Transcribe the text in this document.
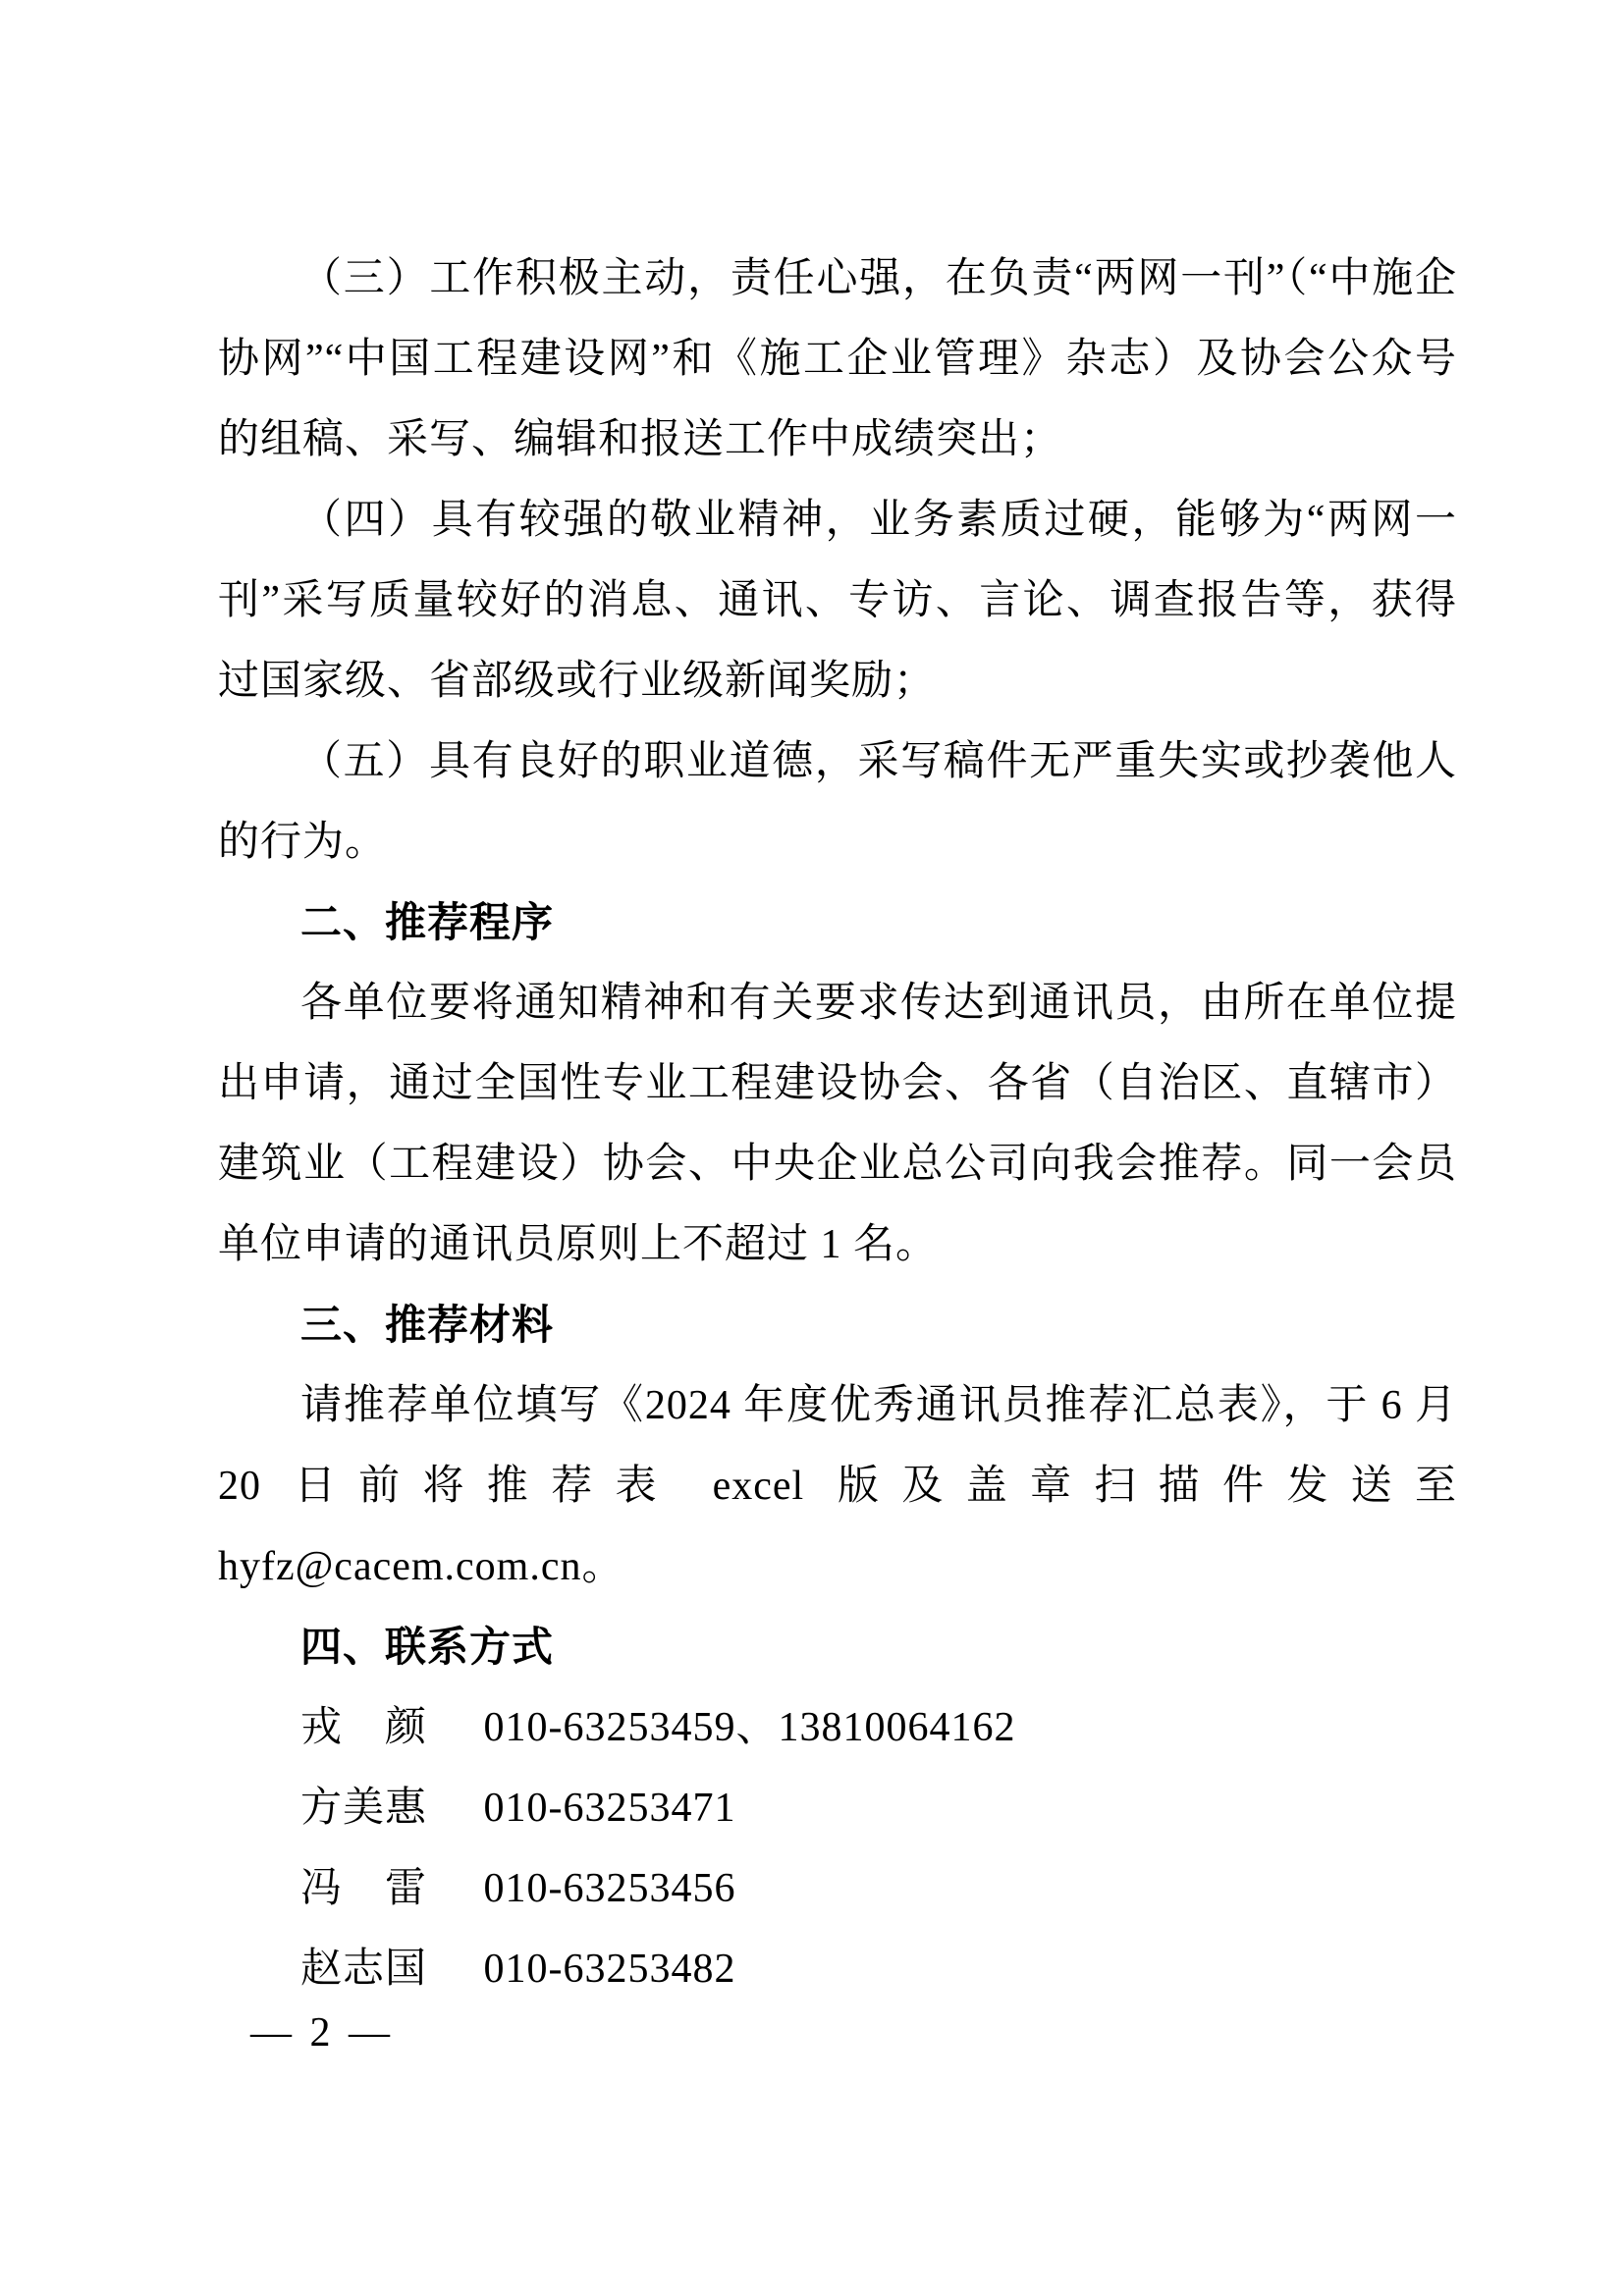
（三）工作积极主动，责任心强，在负责“两网一刊”（“中施企协网”“中国工程建设网”和《施工企业管理》杂志）及协会公众号的组稿、采写、编辑和报送工作中成绩突出；

（四）具有较强的敬业精神，业务素质过硬，能够为“两网一刊”采写质量较好的消息、通讯、专访、言论、调查报告等，获得过国家级、省部级或行业级新闻奖励；

（五）具有良好的职业道德，采写稿件无严重失实或抄袭他人的行为。

二、推荐程序

各单位要将通知精神和有关要求传达到通讯员，由所在单位提出申请，通过全国性专业工程建设协会、各省（自治区、直辖市）建筑业（工程建设）协会、中央企业总公司向我会推荐。同一会员单位申请的通讯员原则上不超过 1 名。

三、推荐材料

请推荐单位填写《2024 年度优秀通讯员推荐汇总表》，于 6 月 20 日前将推荐表 excel 版及盖章扫描件发送至 hyfz@cacem.com.cn。

四、联系方式

戎　颜 010-63253459、13810064162

方美惠 010-63253471

冯　雷 010-63253456

赵志国 010-63253482

— 2 —
